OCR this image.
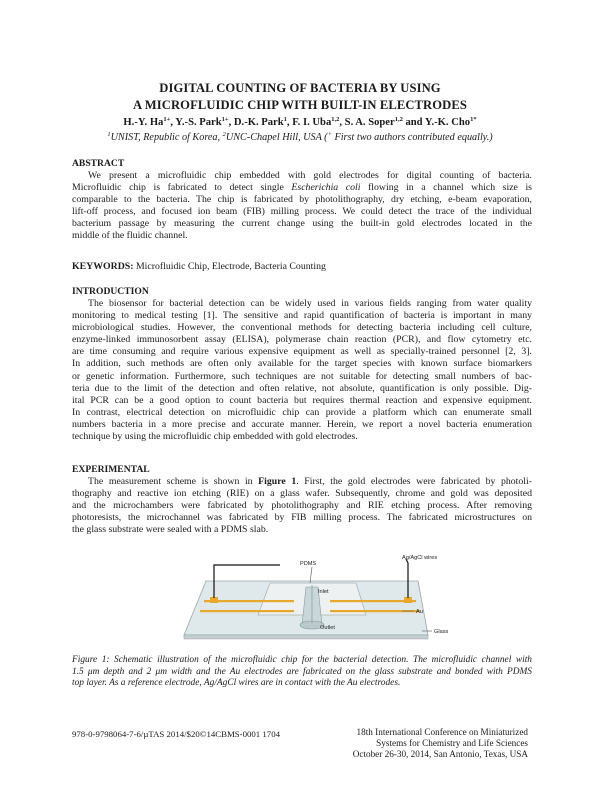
DIGITAL COUNTING OF BACTERIA BY USING
A MICROFLUIDIC CHIP WITH BUILT-IN ELECTRODES
H.-Y. $Ha^{1+}$, Y.-S. Park$^{1+}$, D.-K. Park$^1$, F. I. Uba$^{1,2}$, S. A. Soper$^{1,2}$ and Y.-K. Cho$^{1*}$
$^1$UNIST, Republic of Korea, $^2$UNC-Chapel Hill, USA (+ First two authors contributed equally.)
ABSTRACT
We present a microfluidic chip embedded with gold electrodes for digital counting of bacteria.
Microfluidic chip is fabricated to detect single Escherichia coli flowing in a channel which size is
comparable to the bacteria. The chip is fabricated by photolithography, dry etching, e-beam evaporation,
lift-off process, and focused ion beam (FIB) milling process. We could detect the trace of the individual
bacterium passage by measuring the current change using the built-in gold electrodes located in the
middle of the fluidic channel.
KEYWORDS: Microfluidic Chip, Electrode, Bacteria Counting
INTRODUCTION
The biosensor for bacterial detection can be widely used in various fields ranging from water quality
monitoring to medical testing [1]. The sensitive and rapid quantification of bacteria is important in many
microbiological studies. However, the conventional methods for detecting bacteria including cell culture,
enzyme-linked immunosorbent assay (ELISA), polymerase chain reaction (PCR), and flow cytometry etc.
are time consuming and require various expensive equipment as well as specially-trained personnel [2, 3].
In addition, such methods are often only available for the target species with known surface biomarkers
or genetic information. Furthermore, such techniques are not suitable for detecting small numbers of bac-
teria due to the limit of the detection and often relative, not absolute, quantification is only possible. Dig-
ital PCR can be a good option to count bacteria but requires thermal reaction and expensive equipment.
In contrast, electrical detection on microfluidic chip can provide a platform which can enumerate small
numbers bacteria in a more precise and accurate manner. Herein, we report a novel bacteria enumeration
technique by using the microfluidic chip embedded with gold electrodes.
EXPERIMENTAL
The measurement scheme is shown in Figure 1. First, the gold electrodes were fabricated by photoli-
thography and reactive ion etching (RIE) on a glass wafer. Subsequently, chrome and gold was deposited
and the microchambers were fabricated by photolithography and RIE etching process. After removing
photoresists, the microchannel was fabricated by FIB milling process. The fabricated microstructures on
the glass substrate were sealed with a PDMS slab.
PDMS
Ag/AgCl wires
Inlet
Outlet
Au
Glass
Figure 1: Schematic illustration of the microfluidic chip for the bacterial detection. The microfluidic channel with
1.5 μm depth and 2 μm width and the Au electrodes are fabricated on the glass substrate and bonded with PDMS
top layer. As a reference electrode, Ag/AgCl wires are in contact with the Au electrodes.
978-0-9798064-7-6/µTAS 2014/$20©14CBMS-0001 1704	18th International Conference on Miniaturized
Systems for Chemistry and Life Sciences
October 26-30, 2014, San Antonio, Texas, USA
